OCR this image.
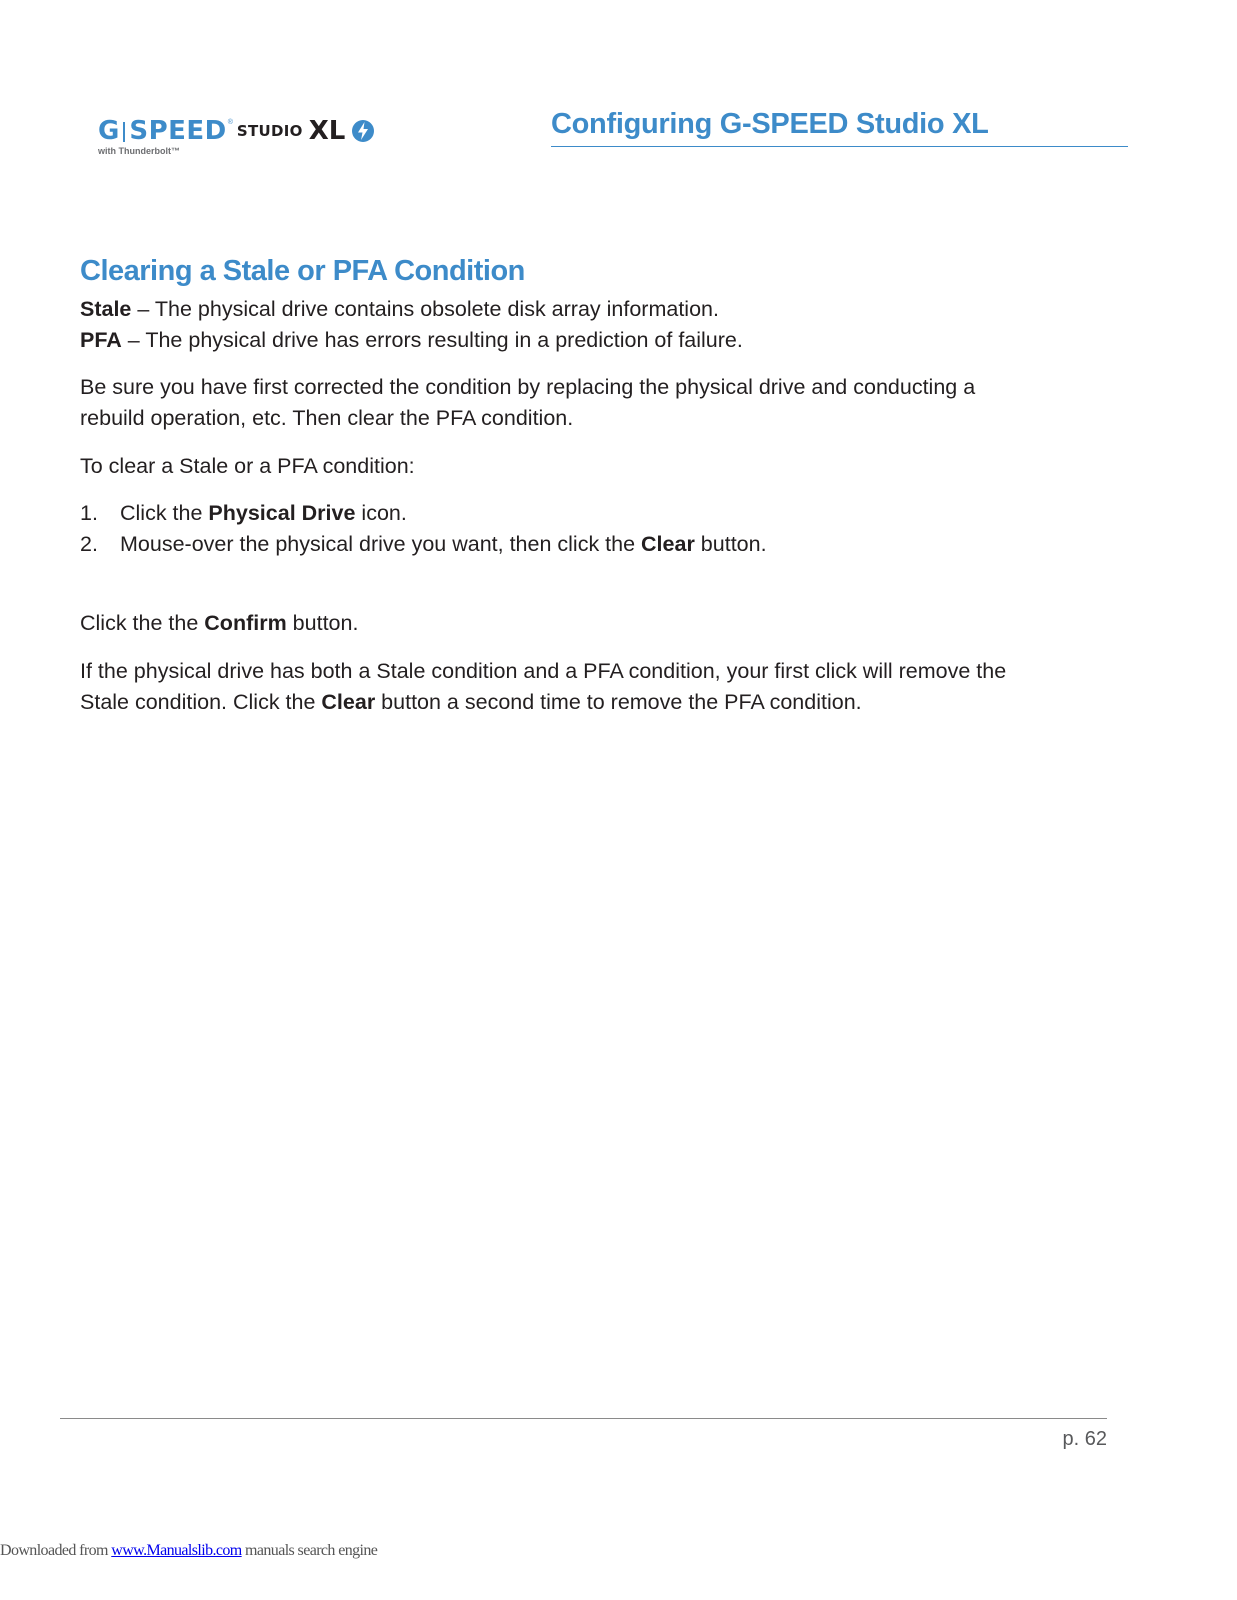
G SPEED ® STUDIO XL
with Thunderbolt™
Configuring G-SPEED Studio XL
Clearing a Stale or PFA Condition
Stale – The physical drive contains obsolete disk array information.
PFA – The physical drive has errors resulting in a prediction of failure.
Be sure you have first corrected the condition by replacing the physical drive and conducting a
rebuild operation, etc. Then clear the PFA condition.
To clear a Stale or a PFA condition:
1. Click the Physical Drive icon.
2. Mouse-over the physical drive you want, then click the Clear button.
Click the the Confirm button.
If the physical drive has both a Stale condition and a PFA condition, your first click will remove the
Stale condition. Click the Clear button a second time to remove the PFA condition.
p. 62
Downloaded from www.Manualslib.com manuals search engine
